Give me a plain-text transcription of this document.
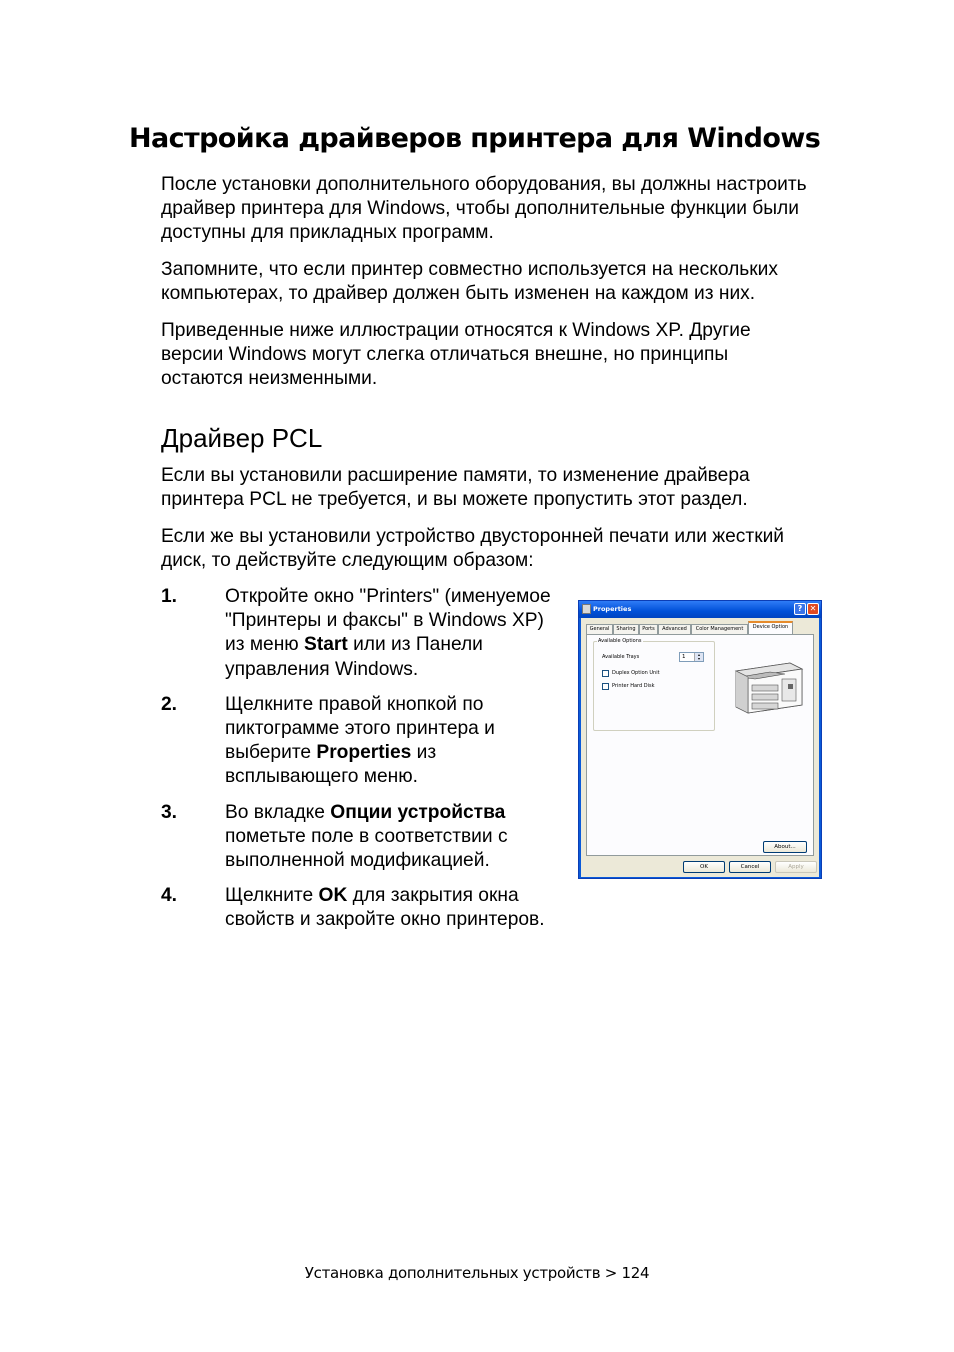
Настройка драйверов принтера для Windows

После установки дополнительного оборудования, вы должны настроить
драйвер принтера для Windows, чтобы дополнительные функции были
доступны для прикладных программ.

Запомните, что если принтер совместно используется на нескольких
компьютерах, то драйвер должен быть изменен на каждом из них.

Приведенные ниже иллюстрации относятся к Windows XP. Другие
версии Windows могут слегка отличаться внешне, но принципы
остаются неизменными.

Драйвер PCL

Если вы установили расширение памяти, то изменение драйвера
принтера PCL не требуется, и вы можете пропустить этот раздел.

Если же вы установили устройство двусторонней печати или жесткий
диск, то действуйте следующим образом:

1. Откройте окно "Printers" (именуемое "Принтеры и факсы" в Windows XP) из меню Start или из Панели управления Windows.
2. Щелкните правой кнопкой по пиктограмме этого принтера и выберите Properties из всплывающего меню.
3. Во вкладке Опции устройства пометьте поле в соответствии с выполненной модификацией.
4. Щелкните OK для закрытия окна свойств и закройте окно принтеров.
Properties	? ✕
General	Sharing	Ports	Advanced	Color Management	Device Option
Available Options
Available Trays	1	▴
▾
Duplex Option Unit
Printer Hard Disk
About...
OK	Cancel	Apply
Установка дополнительных устройств > 124
